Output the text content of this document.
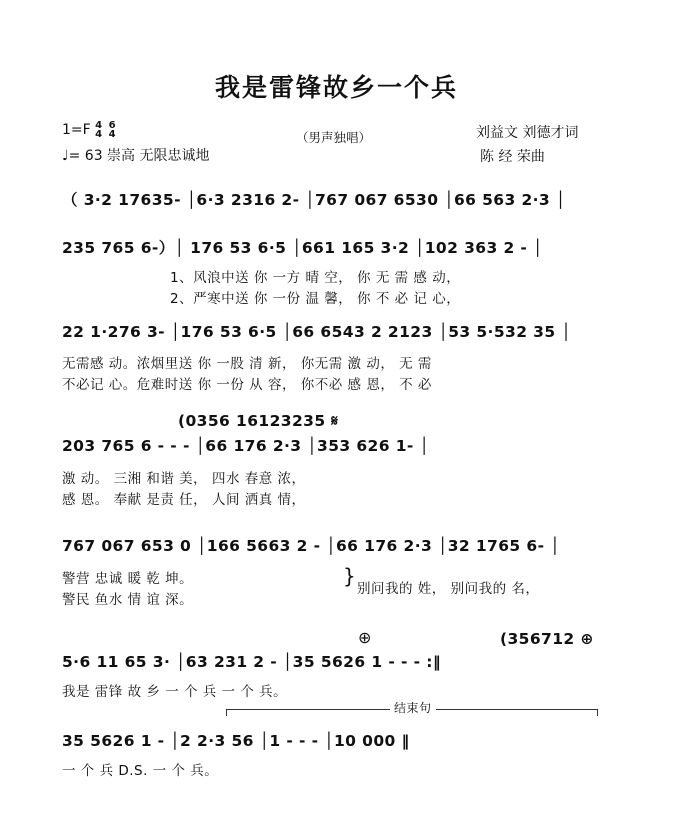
我是雷锋故乡一个兵
1=F 4
4 6
4
♩= 63 崇高 无限忠诚地
（男声独唱）	刘益文 刘德才词
陈 经 荣曲
（ 3·2 17635- │6·3 2316 2- │767 067 6530 │66 563 2·3 │
235 765 6-）│ 176 53 6·5 │661 165 3·2 │102 363 2 - │
1、风浪中送 你 一方 晴 空， 你 无 需 感 动，
2、严寒中送 你 一份 温 馨， 你 不 必 记 心，
22 1·276 3- │176 53 6·5 │66 6543 2 2123 │53 5·532 35 │
无需感 动。浓烟里送 你 一股 清 新， 你无需 激 动， 无 需
不必记 心。危难时送 你 一份 从 容， 你不必 感 恩， 不 必
(0356 16123235 𝄋
203 765 6 - - - │66 176 2·3 │353 626 1- │
激 动。 三湘 和谐 美， 四水 春意 浓，
感 恩。 奉献 是责 任， 人间 洒真 情，
767 067 653 0 │166 5663 2 - │66 176 2·3 │32 1765 6- │
警营 忠诚 暖 乾 坤。
警民 鱼水 情 谊 深。
}
别问我的 姓， 别问我的 名，
(356712 ⊕
⊕
5·6 11 65 3· │63 231 2 - │35 5626 1 - - - :‖
我是 雷锋 故 乡 一 个 兵 一 个 兵。
结束句
35 5626 1 - │2 2·3 56 │1 - - - │10 000 ‖
一 个 兵 D.S. 一 个 兵。
